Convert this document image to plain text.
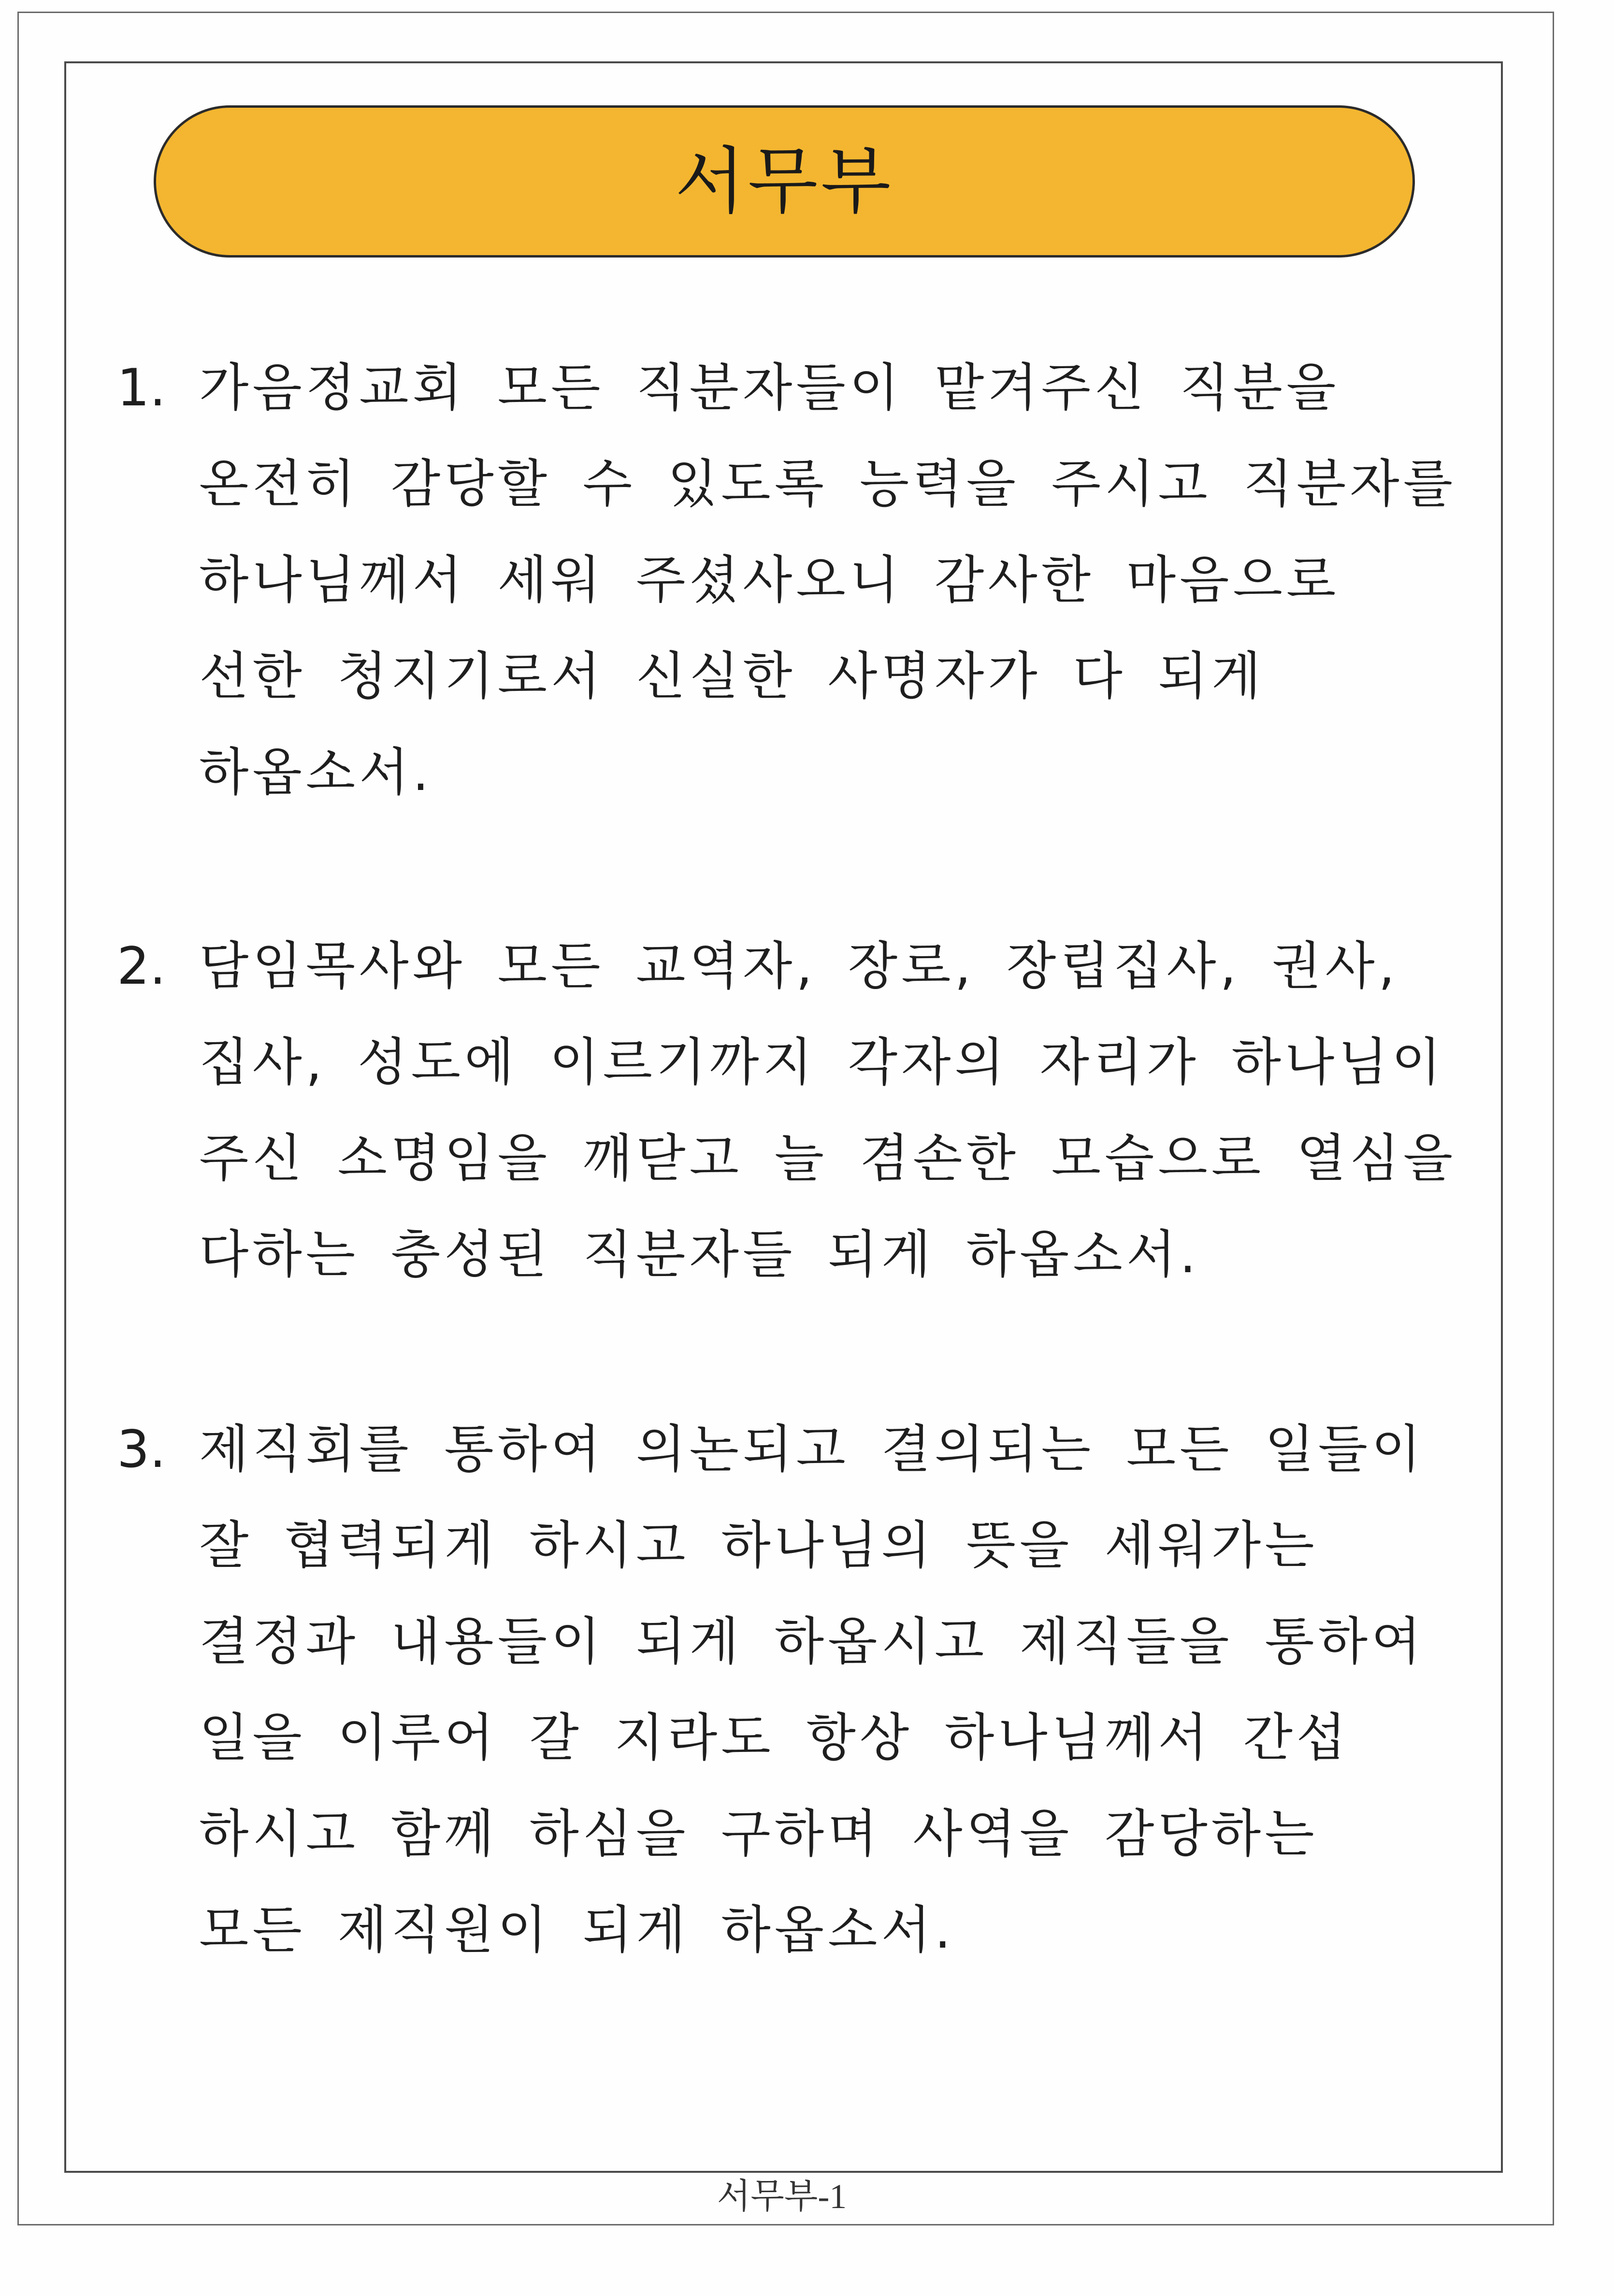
서무부
1. 가음정교회 모든 직분자들이 맡겨주신 직분을
온전히 감당할 수 있도록 능력을 주시고 직분자를
하나님께서 세워 주셨사오니 감사한 마음으로
선한 청지기로서 신실한 사명자가 다 되게
하옵소서.
2. 담임목사와 모든 교역자, 장로, 장립집사, 권사,
집사, 성도에 이르기까지 각자의 자리가 하나님이
주신 소명임을 깨닫고 늘 겸손한 모습으로 열심을
다하는 충성된 직분자들 되게 하옵소서.
3. 제직회를 통하여 의논되고 결의되는 모든 일들이
잘 협력되게 하시고 하나님의 뜻을 세워가는
결정과 내용들이 되게 하옵시고 제직들을 통하여
일을 이루어 갈 지라도 항상 하나님께서 간섭
하시고 함께 하심을 구하며 사역을 감당하는
모든 제직원이 되게 하옵소서.
서무부-1
